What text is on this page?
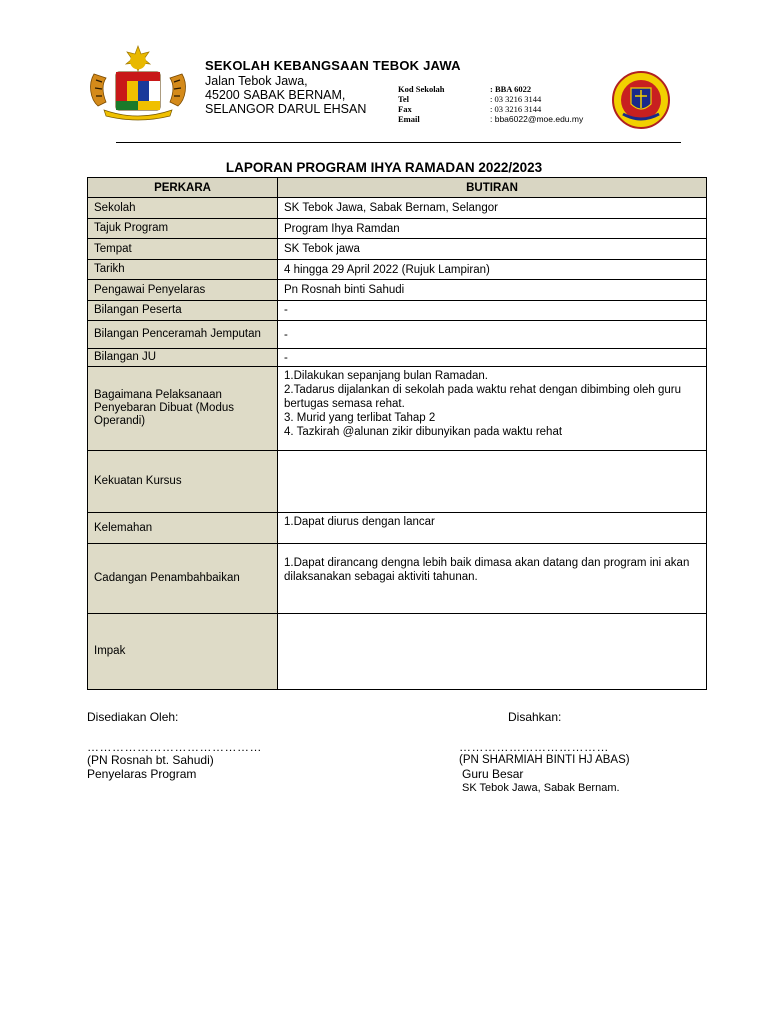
SEKOLAH KEBANGSAAN TEBOK JAWA
Jalan Tebok Jawa,
45200 SABAK BERNAM,
SELANGOR DARUL EHSAN
Kod Sekolah	: BBA 6022
Tel	: 03 3216 3144
Fax	: 03 3216 3144
Email	: bba6022@moe.edu.my
LAPORAN PROGRAM IHYA RAMADAN 2022/2023
PERKARA	BUTIRAN
Sekolah	SK Tebok Jawa, Sabak Bernam, Selangor
Tajuk Program	Program Ihya Ramdan
Tempat	SK Tebok jawa
Tarikh	4 hingga 29 April 2022 (Rujuk Lampiran)
Pengawai Penyelaras	Pn Rosnah binti Sahudi
Bilangan Peserta	-
Bilangan Penceramah Jemputan	-
Bilangan JU	-
Bagaimana Pelaksanaan Penyebaran Dibuat (Modus Operandi)	1.Dilakukan sepanjang bulan Ramadan.
2.Tadarus dijalankan di sekolah pada waktu rehat dengan dibimbing oleh guru bertugas semasa rehat.
3. Murid yang terlibat Tahap 2
4. Tazkirah @alunan zikir dibunyikan pada waktu rehat

Kekuatan Kursus	
Kelemahan	1.Dapat diurus dengan lancar
Cadangan Penambahbaikan	1.Dapat dirancang dengna lebih baik dimasa akan datang dan program ini akan dilaksanakan sebagai aktiviti tahunan.
Impak	
Disediakan Oleh:
……………………………………
(PN Rosnah bt. Sahudi)
Penyelaras Program
Disahkan:
………………………………
(PN SHARMIAH BINTI HJ ABAS)
Guru Besar
SK Tebok Jawa, Sabak Bernam.
